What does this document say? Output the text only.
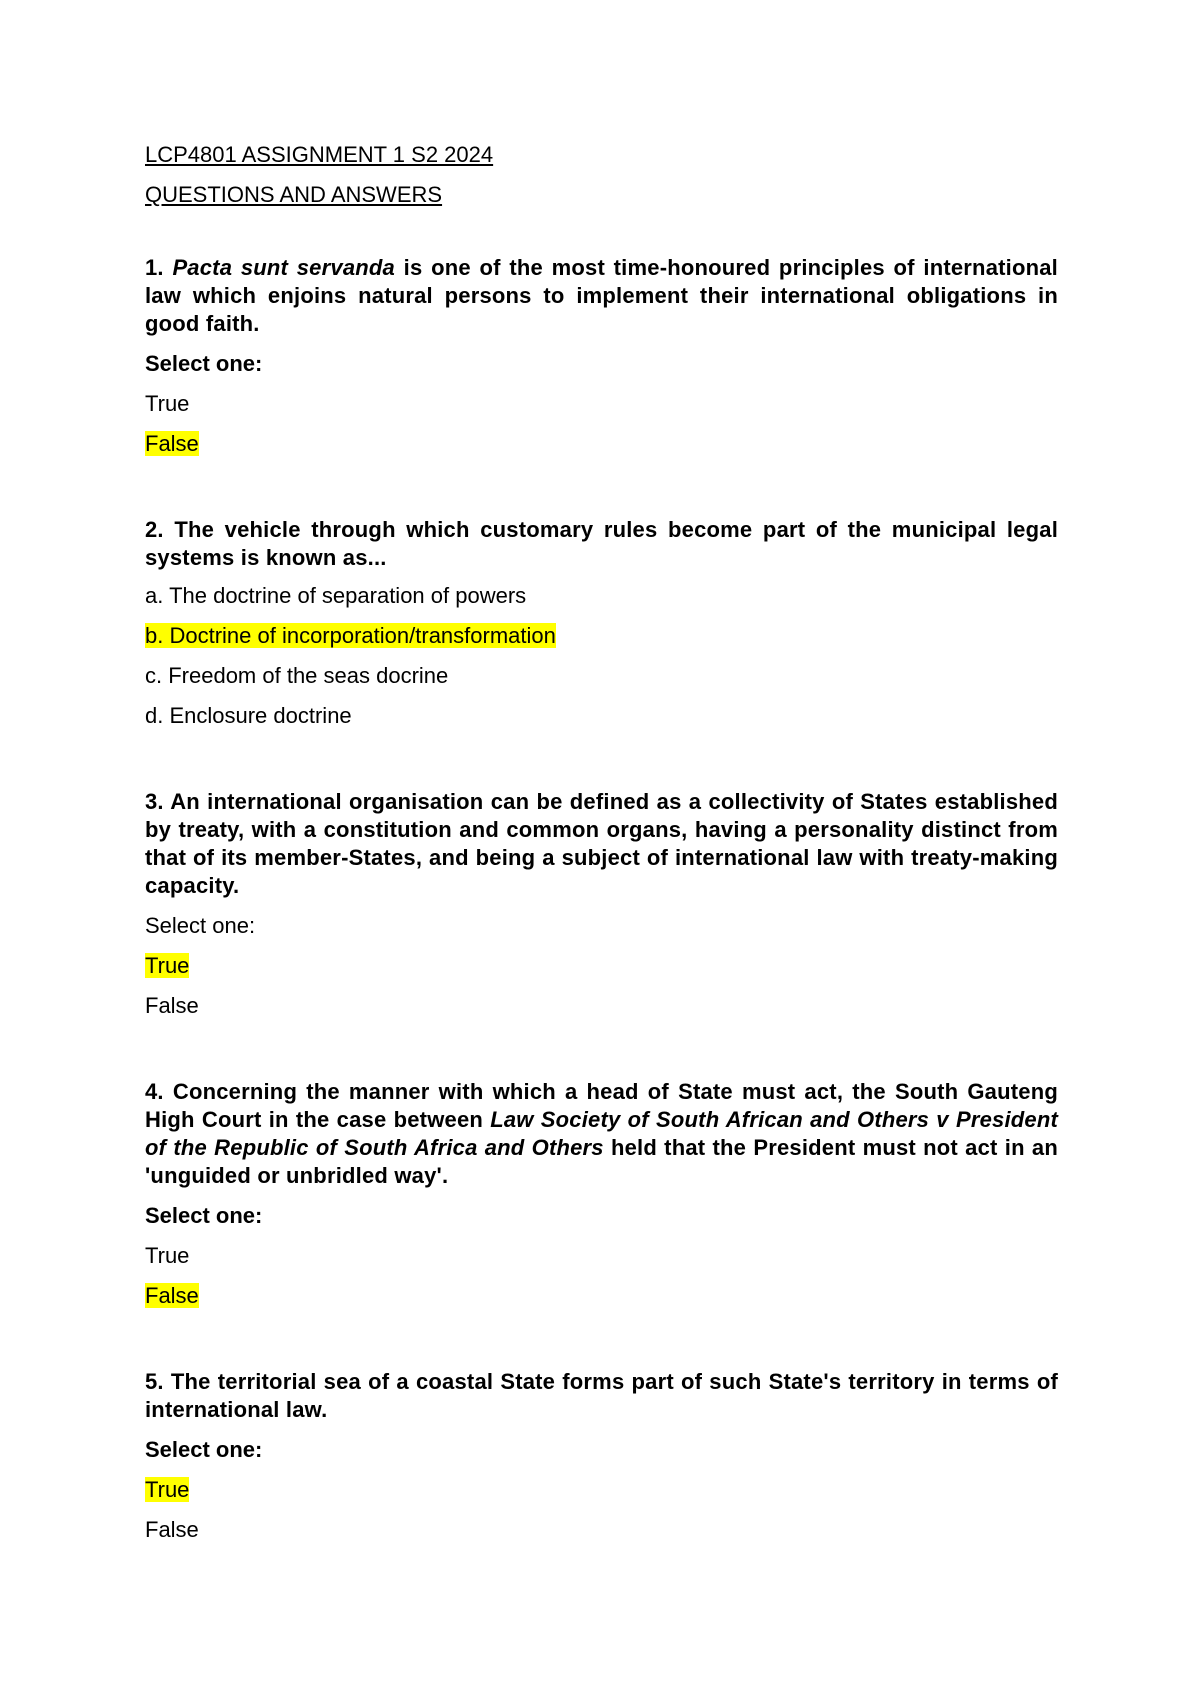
LCP4801 ASSIGNMENT 1 S2 2024

QUESTIONS AND ANSWERS

1. Pacta sunt servanda is one of the most time-honoured principles of international law which enjoins natural persons to implement their international obligations in good faith.

Select one:

True

False

2. The vehicle through which customary rules become part of the municipal legal systems is known as...

a. The doctrine of separation of powers

b. Doctrine of incorporation/transformation

c. Freedom of the seas docrine

d. Enclosure doctrine

3. An international organisation can be defined as a collectivity of States established by treaty, with a constitution and common organs, having a personality distinct from that of its member-States, and being a subject of international law with treaty-making capacity.

Select one:

True

False

4. Concerning the manner with which a head of State must act, the South Gauteng High Court in the case between Law Society of South African and Others v President of the Republic of South Africa and Others held that the President must not act in an 'unguided or unbridled way'.

Select one:

True

False

5. The territorial sea of a coastal State forms part of such State's territory in terms of international law.

Select one:

True

False
